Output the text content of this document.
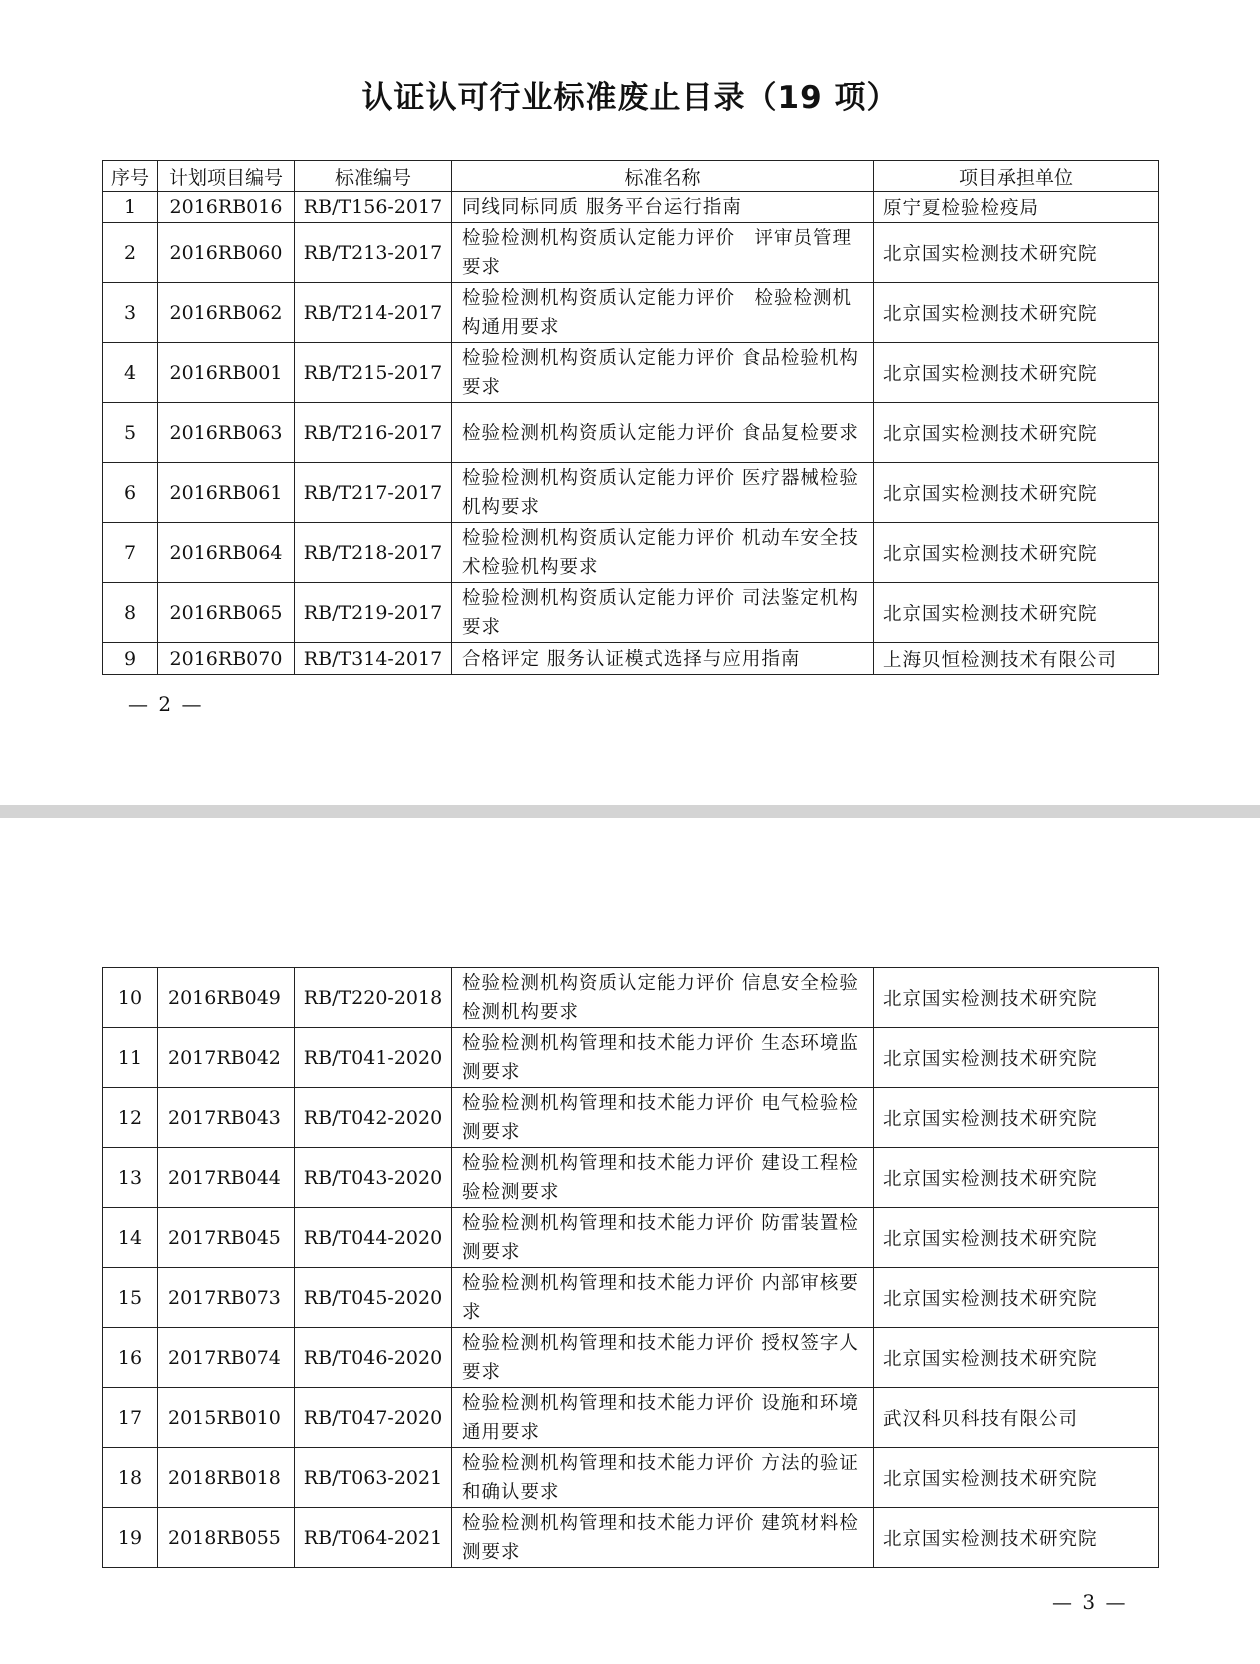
认证认可行业标准废止目录（19 项）
序号	计划项目编号	标准编号	标准名称	项目承担单位
1	2016RB016	RB/T156-2017	同线同标同质 服务平台运行指南	原宁夏检验检疫局
2	2016RB060	RB/T213-2017	检验检测机构资质认定能力评价　评审员管理要求	北京国实检测技术研究院
3	2016RB062	RB/T214-2017	检验检测机构资质认定能力评价　检验检测机构通用要求	北京国实检测技术研究院
4	2016RB001	RB/T215-2017	检验检测机构资质认定能力评价 食品检验机构要求	北京国实检测技术研究院
5	2016RB063	RB/T216-2017	检验检测机构资质认定能力评价 食品复检要求	北京国实检测技术研究院
6	2016RB061	RB/T217-2017	检验检测机构资质认定能力评价 医疗器械检验机构要求	北京国实检测技术研究院
7	2016RB064	RB/T218-2017	检验检测机构资质认定能力评价 机动车安全技术检验机构要求	北京国实检测技术研究院
8	2016RB065	RB/T219-2017	检验检测机构资质认定能力评价 司法鉴定机构要求	北京国实检测技术研究院
9	2016RB070	RB/T314-2017	合格评定 服务认证模式选择与应用指南	上海贝恒检测技术有限公司
— 2 —
10	2016RB049	RB/T220-2018	检验检测机构资质认定能力评价 信息安全检验检测机构要求	北京国实检测技术研究院
11	2017RB042	RB/T041-2020	检验检测机构管理和技术能力评价 生态环境监测要求	北京国实检测技术研究院
12	2017RB043	RB/T042-2020	检验检测机构管理和技术能力评价 电气检验检测要求	北京国实检测技术研究院
13	2017RB044	RB/T043-2020	检验检测机构管理和技术能力评价 建设工程检验检测要求	北京国实检测技术研究院
14	2017RB045	RB/T044-2020	检验检测机构管理和技术能力评价 防雷装置检测要求	北京国实检测技术研究院
15	2017RB073	RB/T045-2020	检验检测机构管理和技术能力评价 内部审核要求	北京国实检测技术研究院
16	2017RB074	RB/T046-2020	检验检测机构管理和技术能力评价 授权签字人要求	北京国实检测技术研究院
17	2015RB010	RB/T047-2020	检验检测机构管理和技术能力评价 设施和环境通用要求	武汉科贝科技有限公司
18	2018RB018	RB/T063-2021	检验检测机构管理和技术能力评价 方法的验证和确认要求	北京国实检测技术研究院
19	2018RB055	RB/T064-2021	检验检测机构管理和技术能力评价 建筑材料检测要求	北京国实检测技术研究院
— 3 —
